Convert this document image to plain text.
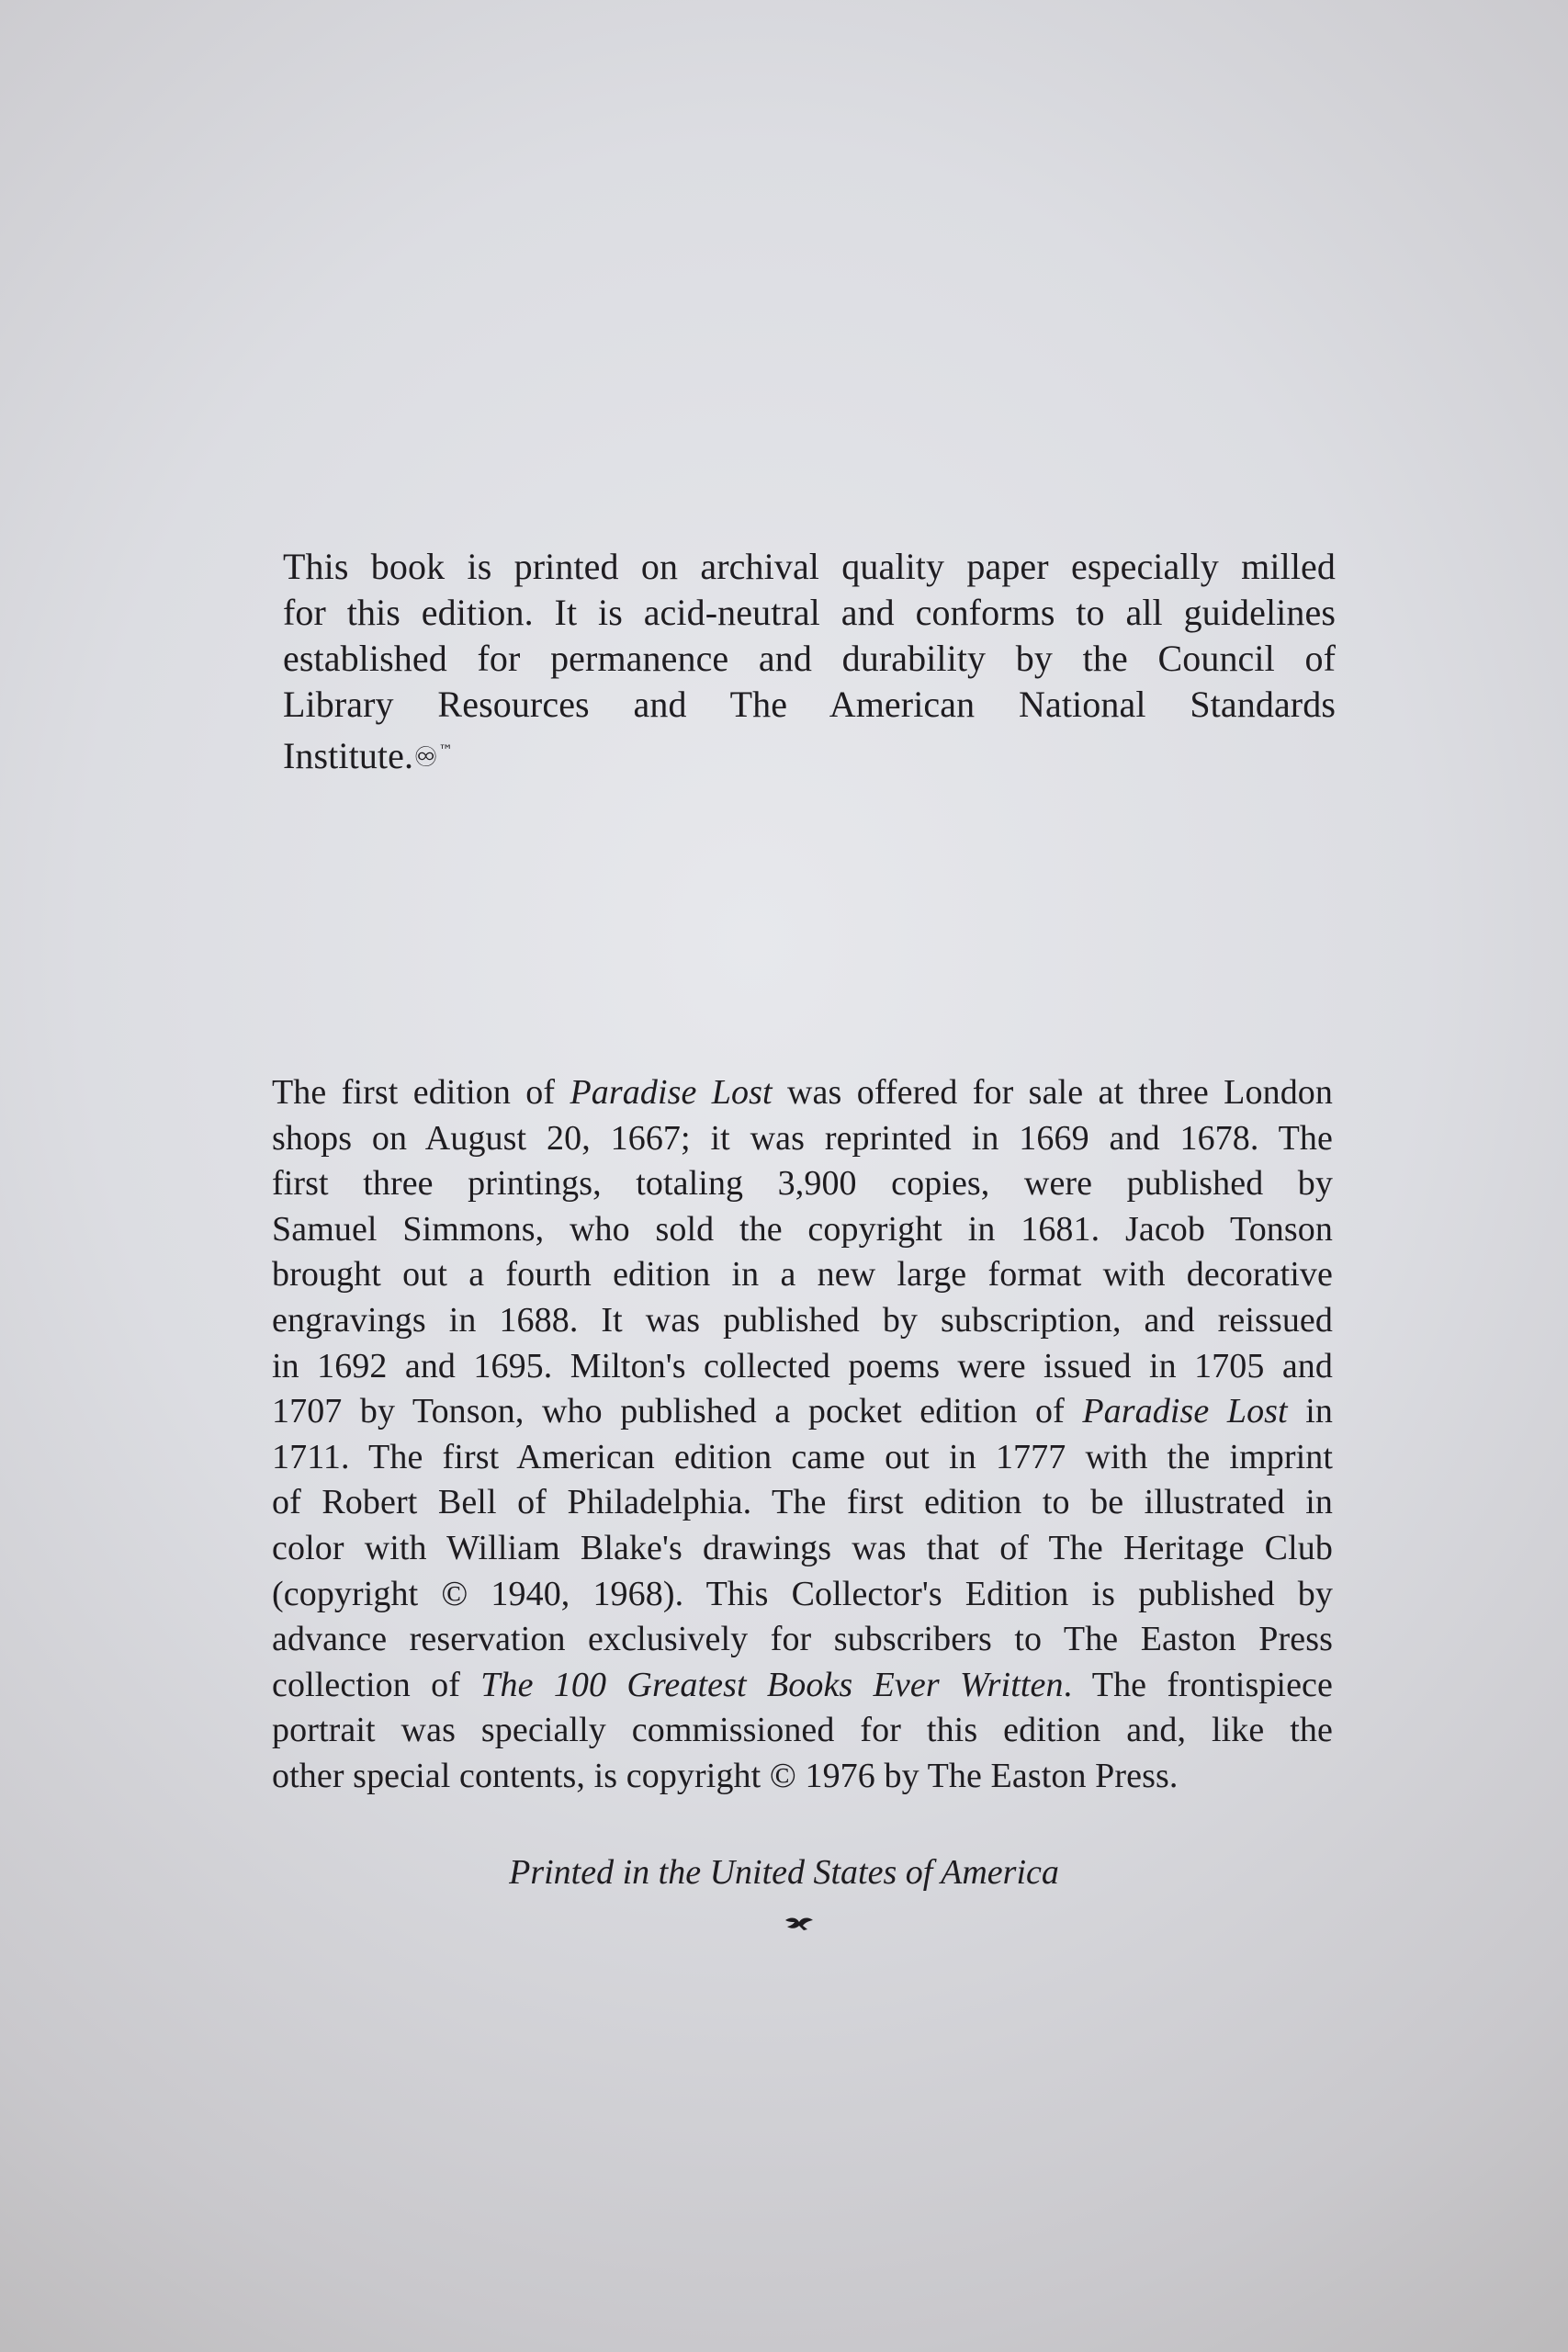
This book is printed on archival quality paper especially milled
for this edition. It is acid-neutral and conforms to all guidelines
established for permanence and durability by the Council of
Library Resources and The American National Standards
Institute.♾™

The first edition of Paradise Lost was offered for sale at three London
shops on August 20, 1667; it was reprinted in 1669 and 1678. The
first three printings, totaling 3,900 copies, were published by
Samuel Simmons, who sold the copyright in 1681. Jacob Tonson
brought out a fourth edition in a new large format with decorative
engravings in 1688. It was published by subscription, and reissued
in 1692 and 1695. Milton's collected poems were issued in 1705 and
1707 by Tonson, who published a pocket edition of Paradise Lost in
1711. The first American edition came out in 1777 with the imprint
of Robert Bell of Philadelphia. The first edition to be illustrated in
color with William Blake's drawings was that of The Heritage Club
(copyright © 1940, 1968). This Collector's Edition is published by
advance reservation exclusively for subscribers to The Easton Press
collection of The 100 Greatest Books Ever Written. The frontispiece
portrait was specially commissioned for this edition and, like the
other special contents, is copyright © 1976 by The Easton Press.

Printed in the United States of America
